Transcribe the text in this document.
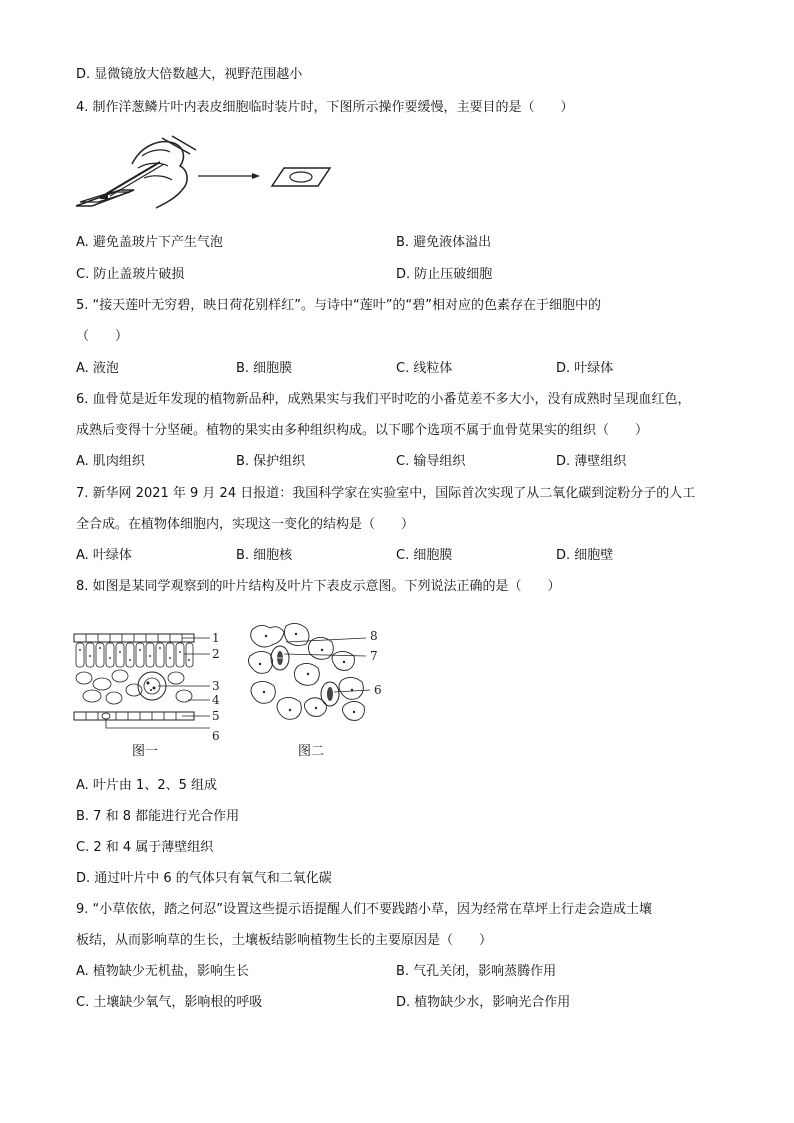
D. 显微镜放大倍数越大，视野范围越小
4. 制作洋葱鳞片叶内表皮细胞临时装片时，下图所示操作要缓慢，主要目的是（　　）
A. 避免盖玻片下产生气泡	B. 避免液体溢出
C. 防止盖玻片破损	D. 防止压破细胞
5. “接天莲叶无穷碧，映日荷花别样红”。与诗中“莲叶”的“碧”相对应的色素存在于细胞中的
（　　）
A. 液泡	B. 细胞膜	C. 线粒体	D. 叶绿体
6. 血骨苋是近年发现的植物新品种，成熟果实与我们平时吃的小番苋差不多大小，没有成熟时呈现血红色，
成熟后变得十分坚硬。植物的果实由多种组织构成。以下哪个选项不属于血骨苋果实的组织（　　）
A. 肌肉组织	B. 保护组织	C. 输导组织	D. 薄壁组织
7. 新华网 2021 年 9 月 24 日报道：我国科学家在实验室中，国际首次实现了从二氧化碳到淀粉分子的人工
全合成。在植物体细胞内，实现这一变化的结构是（　　）
A. 叶绿体	B. 细胞核	C. 细胞膜	D. 细胞壁
8. 如图是某同学观察到的叶片结构及叶片下表皮示意图。下列说法正确的是（　　）
1
2
3
4
5
6
图一
8
7
6
图二
A. 叶片由 1、2、5 组成
B. 7 和 8 都能进行光合作用
C. 2 和 4 属于薄壁组织
D. 通过叶片中 6 的气体只有氧气和二氧化碳
9. “小草依依，踏之何忍”设置这些提示语提醒人们不要践踏小草，因为经常在草坪上行走会造成土壤
板结，从而影响草的生长，土壤板结影响植物生长的主要原因是（　　）
A. 植物缺少无机盐，影响生长	B. 气孔关闭，影响蒸腾作用
C. 土壤缺少氧气，影响根的呼吸	D. 植物缺少水，影响光合作用
